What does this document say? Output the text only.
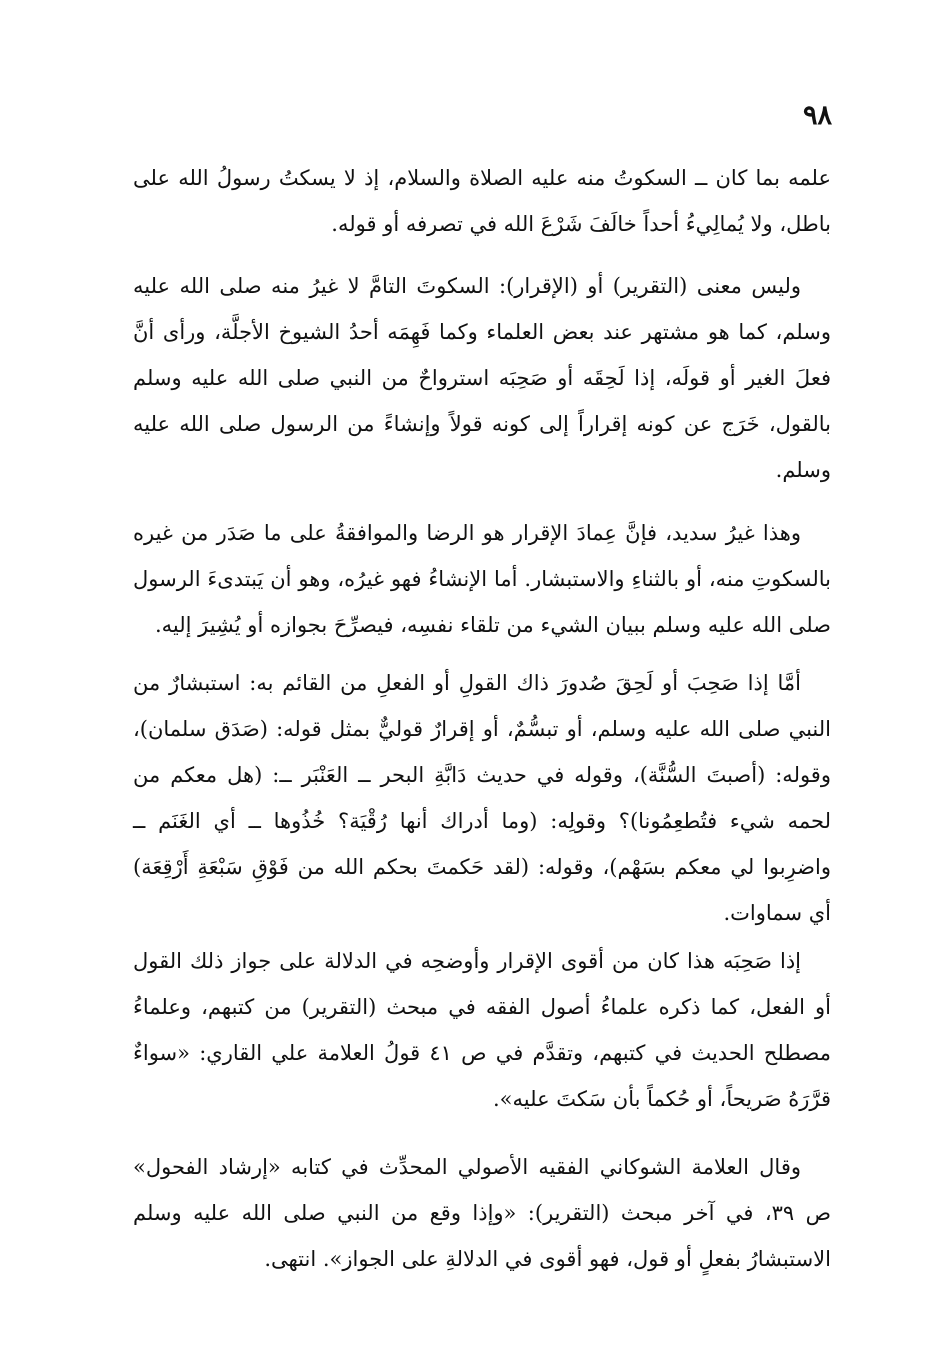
٩٨

علمه بما كان ــ السكوتُ منه عليه الصلاة والسلام، إذ لا يسكتُ رسولُ الله على باطل، ولا يُمالِيءُ أحداً خالَفَ شَرْعَ الله في تصرفه أو قوله.

وليس معنى (التقرير) أو (الإقرار): السكوتَ التامَّ لا غيرُ منه صلى الله عليه وسلم، كما هو مشتهر عند بعض العلماء وكما فَهِمَه أحدُ الشيوخ الأجلَّة، ورأى أنَّ فعلَ الغير أو قولَه، إذا لَحِقَه أو صَحِبَه استرواحٌ من النبي صلى الله عليه وسلم بالقول، خَرَج عن كونه إقراراً إلى كونه قولاً وإنشاءً من الرسول صلى الله عليه وسلم.

وهذا غيرُ سديد، فإنَّ عِمادَ الإقرار هو الرضا والموافقةُ على ما صَدَر من غيره بالسكوتِ منه، أو بالثناءِ والاستبشار. أما الإنشاءُ فهو غيرُه، وهو أن يَبتدىءَ الرسول صلى الله عليه وسلم ببيان الشيء من تلقاء نفسِه، فيصرِّحَ بجوازه أو يُشِيرَ إليه.

أمَّا إذا صَحِبَ أو لَحِقَ صُدورَ ذاك القولِ أو الفعلِ من القائم به: استبشارٌ من النبي صلى الله عليه وسلم، أو تبسُّمٌ، أو إقرارٌ قوليٌّ بمثل قوله: (صَدَق سلمان)، وقوله: (أصبتَ السُّنَّة)، وقوله في حديث دَابَّةِ البحر ــ العَنْبَر ــ: (هل معكم من لحمه شيء فتُطعِمُونا)؟ وقولِه: (وما أدراك أنها رُقْيَة؟ خُذُوها ــ أي الغَنَم ــ واضرِبوا لي معكم بسَهْم)، وقوله: (لقد حَكمتَ بحكم الله من فَوْقِ سَبْعَةِ أَرْقِعَة) أي سماوات.

إذا صَحِبَه هذا كان من أقوى الإقرار وأوضحِه في الدلالة على جواز ذلك القول أو الفعل، كما ذكره علماءُ أصول الفقه في مبحث (التقرير) من كتبهم، وعلماءُ مصطلح الحديث في كتبهم، وتقدَّم في ص ٤١ قولُ العلامة علي القاري: «سواءٌ قرَّرَهُ صَريحاً، أو حُكماً بأن سَكتَ عليه».

وقال العلامة الشوكاني الفقيه الأصولي المحدِّث في كتابه «إرشاد الفحول» ص ٣٩، في آخر مبحث (التقرير): «وإذا وقع من النبي صلى الله عليه وسلم الاستبشارُ بفعلٍ أو قول، فهو أقوى في الدلالةِ على الجواز». انتهى.
